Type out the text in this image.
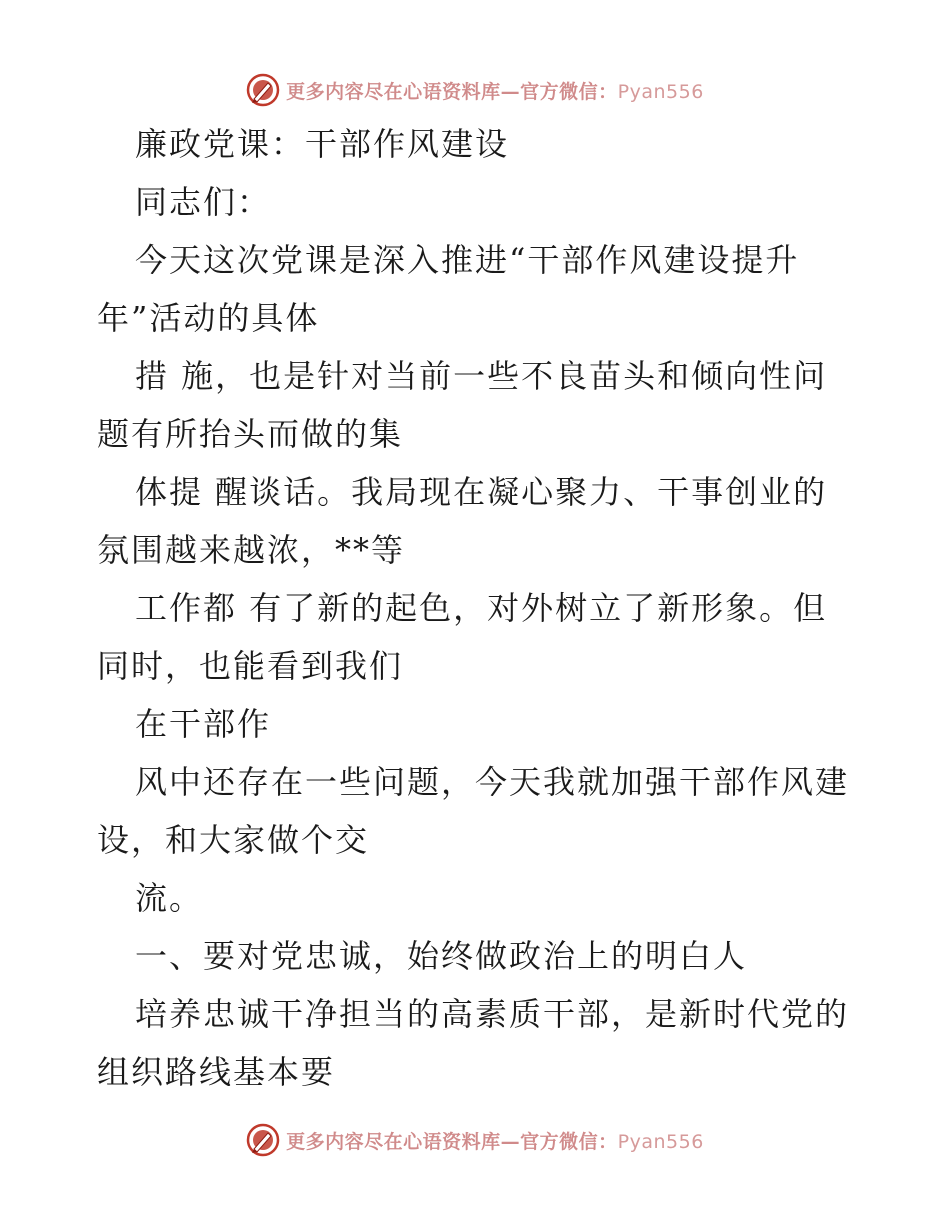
更多内容尽在心语资料库—官方微信：Pyan556
廉政党课：干部作风建设
同志们：
今天这次党课是深入推进“干部作风建设提升
年”活动的具体
措 施，也是针对当前一些不良苗头和倾向性问
题有所抬头而做的集
体提 醒谈话。我局现在凝心聚力、干事创业的
氛围越来越浓，**等
工作都 有了新的起色，对外树立了新形象。但
同时，也能看到我们
在干部作
风中还存在一些问题，今天我就加强干部作风建
设，和大家做个交
流。
一、要对党忠诚，始终做政治上的明白人
培养忠诚干净担当的高素质干部，是新时代党的
组织路线基本要
更多内容尽在心语资料库—官方微信：Pyan556
